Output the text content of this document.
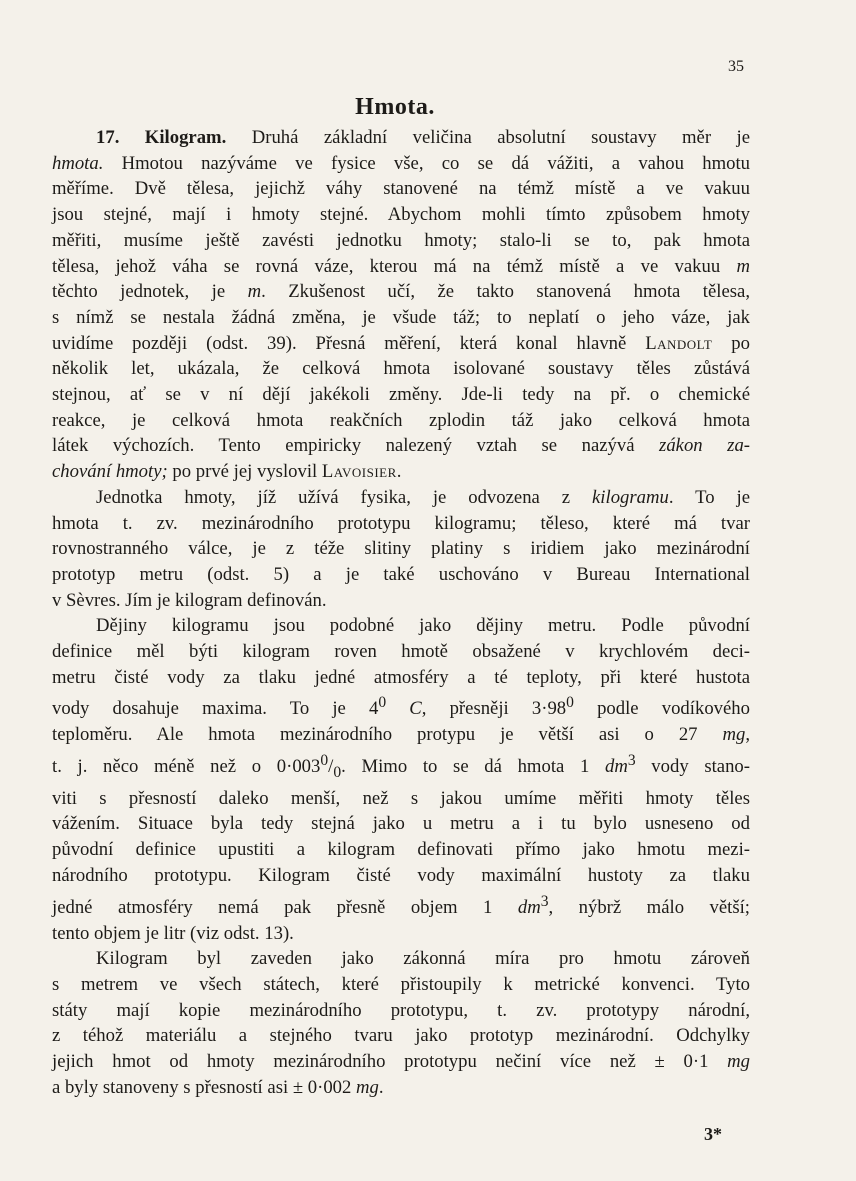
35
Hmota.
17. Kilogram. Druhá základní veličina absolutní soustavy měr je
hmota. Hmotou nazýváme ve fysice vše, co se dá vážiti, a vahou hmotu
měříme. Dvě tělesa, jejichž váhy stanovené na témž místě a ve vakuu
jsou stejné, mají i hmoty stejné. Abychom mohli tímto způsobem hmoty
měřiti, musíme ještě zavésti jednotku hmoty; stalo-li se to, pak hmota
tělesa, jehož váha se rovná váze, kterou má na témž místě a ve vakuu m
těchto jednotek, je m. Zkušenost učí, že takto stanovená hmota tělesa,
s nímž se nestala žádná změna, je všude táž; to neplatí o jeho váze, jak
uvidíme později (odst. 39). Přesná měření, která konal hlavně Landolt po
několik let, ukázala, že celková hmota isolované soustavy těles zůstává
stejnou, ať se v ní dějí jakékoli změny. Jde-li tedy na př. o chemické
reakce, je celková hmota reakčních zplodin táž jako celková hmota
látek výchozích. Tento empiricky nalezený vztah se nazývá zákon za-
chování hmoty; po prvé jej vyslovil Lavoisier.
Jednotka hmoty, jíž užívá fysika, je odvozena z kilogramu. To je
hmota t. zv. mezinárodního prototypu kilogramu; těleso, které má tvar
rovnostranného válce, je z téže slitiny platiny s iridiem jako mezinárodní
prototyp metru (odst. 5) a je také uschováno v Bureau International
v Sèvres. Jím je kilogram definován.
Dějiny kilogramu jsou podobné jako dějiny metru. Podle původní
definice měl býti kilogram roven hmotě obsažené v krychlovém deci-
metru čisté vody za tlaku jedné atmosféry a té teploty, při které hustota
vody dosahuje maxima. To je $4^0$ C, přesněji $3\cdot 98^0$ podle vodíkového
teploměru. Ale hmota mezinárodního protypu je větší asi o 27 mg,
t. j. něco méně než o $0\cdot 003^0/_0$. Mimo to se dá hmota 1 $dm^3$ vody stano-
viti s přesností daleko menší, než s jakou umíme měřiti hmoty těles
vážením. Situace byla tedy stejná jako u metru a i tu bylo usneseno od
původní definice upustiti a kilogram definovati přímo jako hmotu mezi-
národního prototypu. Kilogram čisté vody maximální hustoty za tlaku
jedné atmosféry nemá pak přesně objem 1 $dm^3$, nýbrž málo větší;
tento objem je litr (viz odst. 13).
Kilogram byl zaveden jako zákonná míra pro hmotu zároveň
s metrem ve všech státech, které přistoupily k metrické konvenci. Tyto
státy mají kopie mezinárodního prototypu, t. zv. prototypy národní,
z téhož materiálu a stejného tvaru jako prototyp mezinárodní. Odchylky
jejich hmot od hmoty mezinárodního prototypu nečiní více než ± 0·1 mg
a byly stanoveny s přesností asi ± 0·002 mg.
3*
